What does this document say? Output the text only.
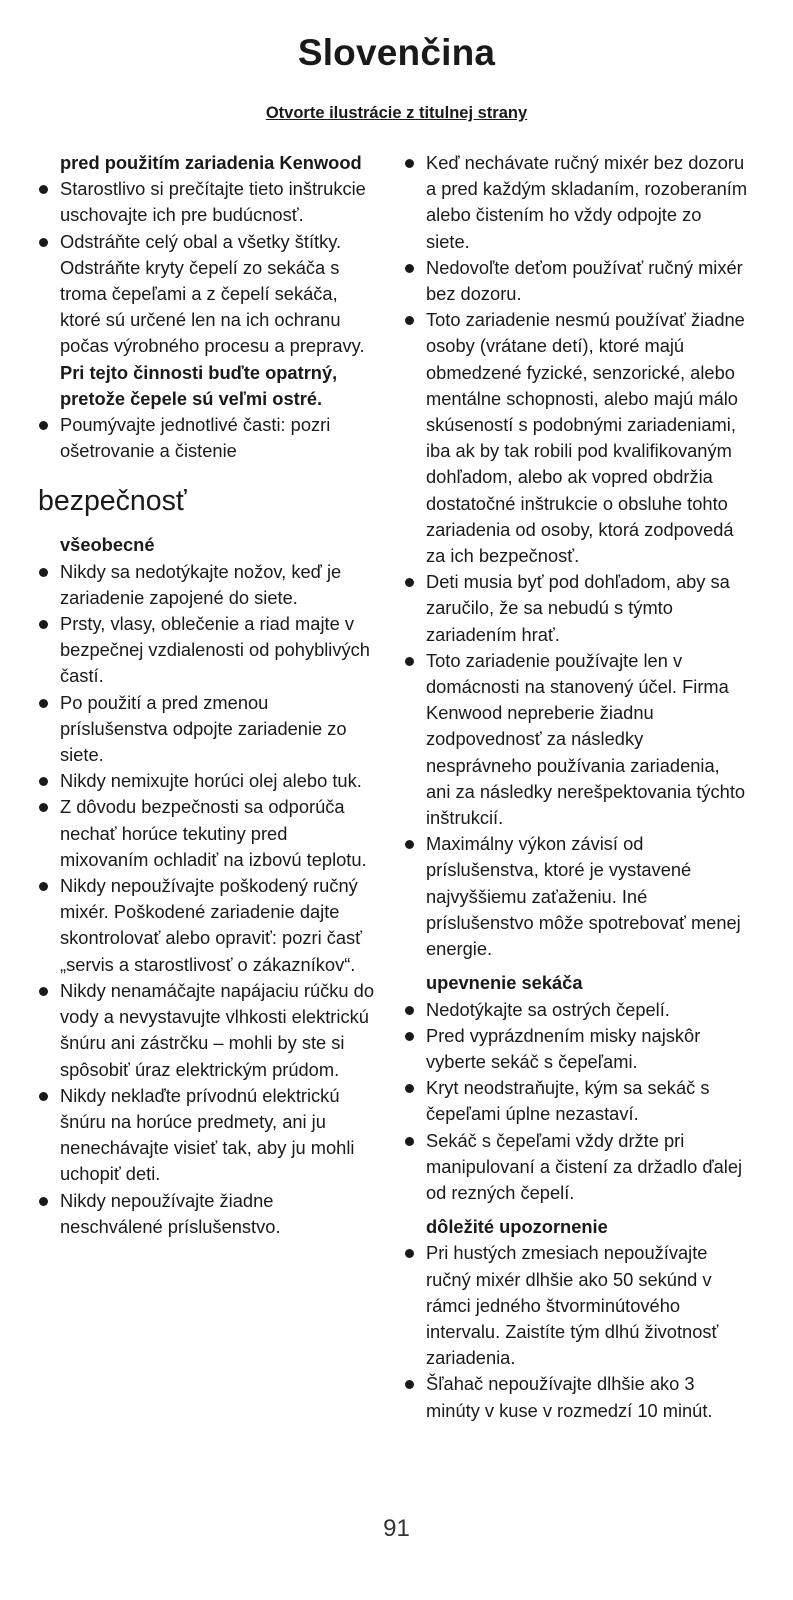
Slovenčina
Otvorte ilustrácie z titulnej strany
pred použitím zariadenia Kenwood
Starostlivo si prečítajte tieto inštrukcie uschovajte ich pre budúcnosť.
Odstráňte celý obal a všetky štítky. Odstráňte kryty čepelí zo sekáča s troma čepeľami a z čepelí sekáča, ktoré sú určené len na ich ochranu počas výrobného procesu a prepravy. Pri tejto činnosti buďte opatrný, pretože čepele sú veľmi ostré.
Poumývajte jednotlivé časti: pozri ošetrovanie a čistenie
bezpečnosť
všeobecné
Nikdy sa nedotýkajte nožov, keď je zariadenie zapojené do siete.
Prsty, vlasy, oblečenie a riad majte v bezpečnej vzdialenosti od pohyblivých častí.
Po použití a pred zmenou príslušenstva odpojte zariadenie zo siete.
Nikdy nemixujte horúci olej alebo tuk.
Z dôvodu bezpečnosti sa odporúča nechať horúce tekutiny pred mixovaním ochladiť na izbovú teplotu.
Nikdy nepoužívajte poškodený ručný mixér. Poškodené zariadenie dajte skontrolovať alebo opraviť: pozri časť „servis a starostlivosť o zákazníkov“.
Nikdy nenamáčajte napájaciu rúčku do vody a nevystavujte vlhkosti elektrickú šnúru ani zástrčku – mohli by ste si spôsobiť úraz elektrickým prúdom.
Nikdy neklaďte prívodnú elektrickú šnúru na horúce predmety, ani ju nenechávajte visieť tak, aby ju mohli uchopiť deti.
Nikdy nepoužívajte žiadne neschválené príslušenstvo.
Keď nechávate ručný mixér bez dozoru a pred každým skladaním, rozoberaním alebo čistením ho vždy odpojte zo siete.
Nedovoľte deťom používať ručný mixér bez dozoru.
Toto zariadenie nesmú používať žiadne osoby (vrátane detí), ktoré majú obmedzené fyzické, senzorické, alebo mentálne schopnosti, alebo majú málo skúseností s podobnými zariadeniami, iba ak by tak robili pod kvalifikovaným dohľadom, alebo ak vopred obdržia dostatočné inštrukcie o obsluhe tohto zariadenia od osoby, ktorá zodpovedá za ich bezpečnosť.
Deti musia byť pod dohľadom, aby sa zaručilo, že sa nebudú s týmto zariadením hrať.
Toto zariadenie používajte len v domácnosti na stanovený účel. Firma Kenwood nepreberie žiadnu zodpovednosť za následky nesprávneho používania zariadenia, ani za následky nerešpektovania týchto inštrukcií.
Maximálny výkon závisí od príslušenstva, ktoré je vystavené najvyššiemu zaťaženiu. Iné príslušenstvo môže spotrebovať menej energie.
upevnenie sekáča
Nedotýkajte sa ostrých čepelí.
Pred vyprázdnením misky najskôr vyberte sekáč s čepeľami.
Kryt neodstraňujte, kým sa sekáč s čepeľami úplne nezastaví.
Sekáč s čepeľami vždy držte pri manipulovaní a čistení za držadlo ďalej od rezných čepelí.
dôležité upozornenie
Pri hustých zmesiach nepoužívajte ručný mixér dlhšie ako 50 sekúnd v rámci jedného štvorminútového intervalu. Zaistíte tým dlhú životnosť zariadenia.
Šľahač nepoužívajte dlhšie ako 3 minúty v kuse v rozmedzí 10 minút.
91
